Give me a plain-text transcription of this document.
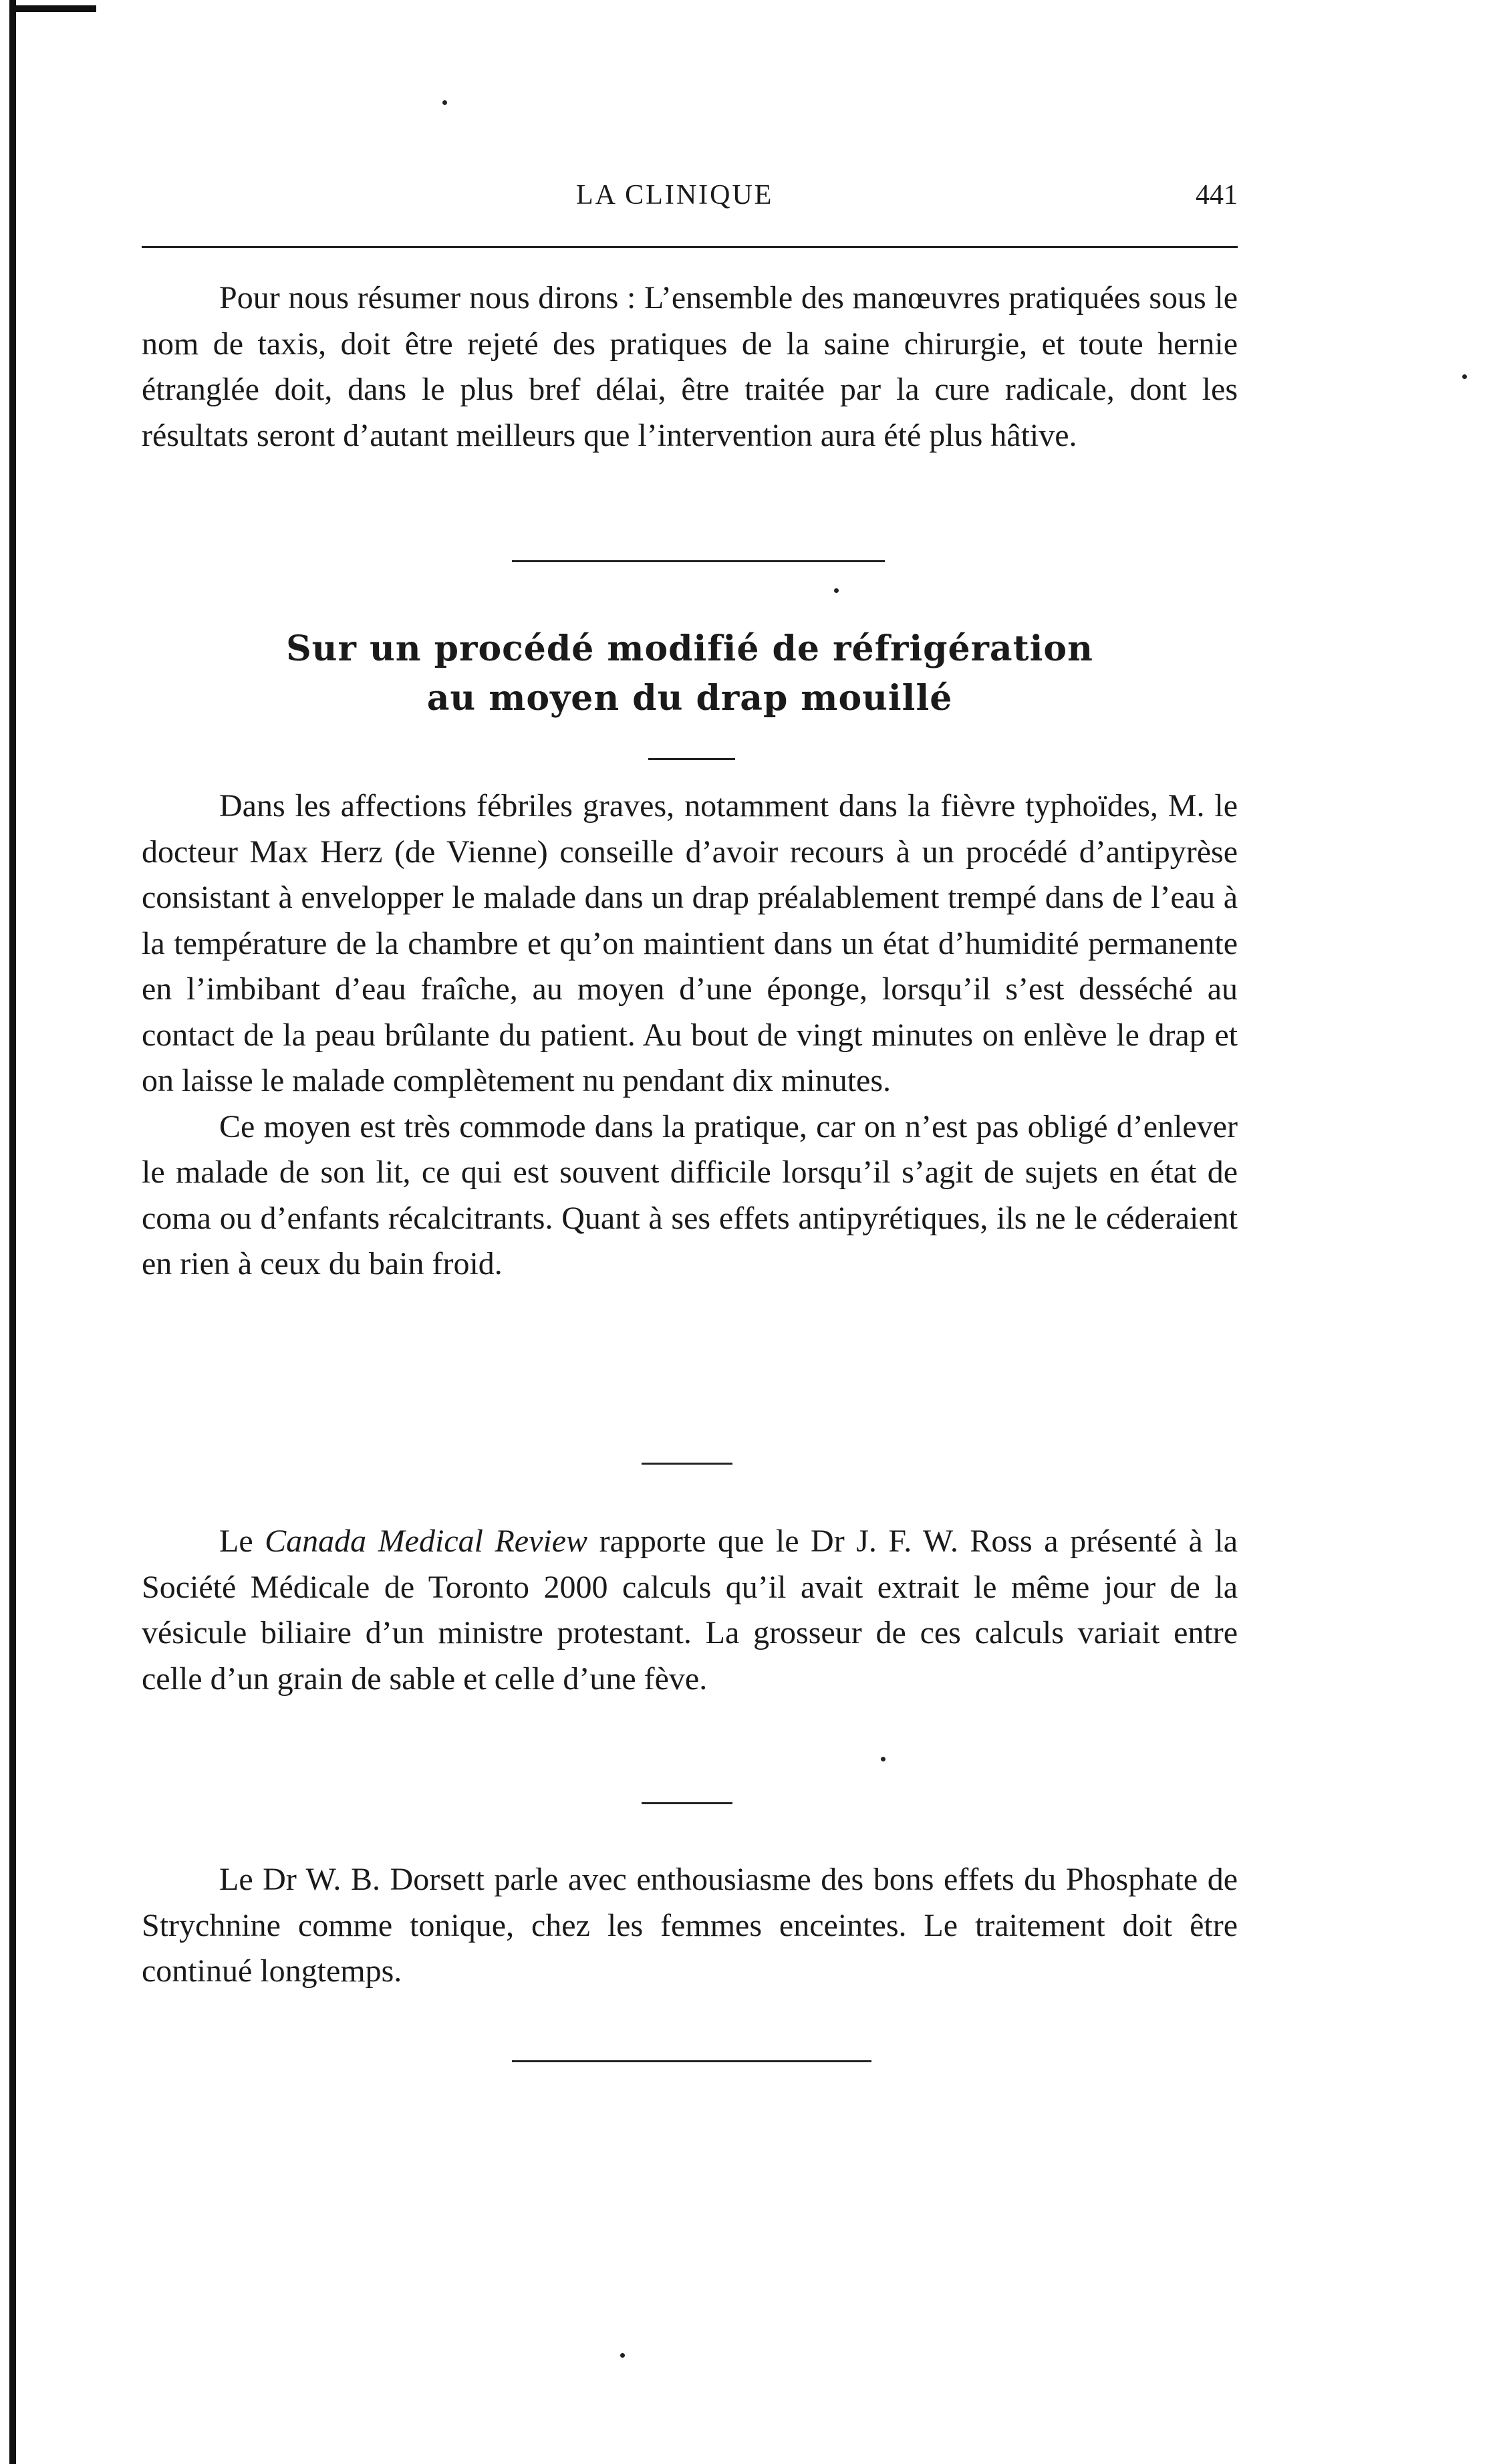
LA CLINIQUE	441

Pour nous résumer nous dirons : L’ensemble des manœuvres pratiquées sous le nom de taxis, doit être rejeté des pratiques de la saine chirurgie, et toute hernie étranglée doit, dans le plus bref délai, être traitée par la cure radicale, dont les résultats seront d’autant meilleurs que l’intervention aura été plus hâtive.

Sur un procédé modifié de réfrigération
au moyen du drap mouillé

Dans les affections fébriles graves, notamment dans la fièvre typhoïdes, M. le docteur Max Herz (de Vienne) conseille d’avoir recours à un procédé d’antipyrèse consistant à envelopper le malade dans un drap préalablement trempé dans de l’eau à la température de la chambre et qu’on maintient dans un état d’humidité permanente en l’imbibant d’eau fraîche, au moyen d’une éponge, lorsqu’il s’est desséché au contact de la peau brûlante du patient. Au bout de vingt minutes on enlève le drap et on laisse le malade complètement nu pendant dix minutes.

Ce moyen est très commode dans la pratique, car on n’est pas obligé d’enlever le malade de son lit, ce qui est souvent difficile lorsqu’il s’agit de sujets en état de coma ou d’enfants récalcitrants. Quant à ses effets antipyrétiques, ils ne le céderaient en rien à ceux du bain froid.

Le Canada Medical Review rapporte que le Dr J. F. W. Ross a présenté à la Société Médicale de Toronto 2000 calculs qu’il avait extrait le même jour de la vésicule biliaire d’un ministre protestant. La grosseur de ces calculs variait entre celle d’un grain de sable et celle d’une fève.

Le Dr W. B. Dorsett parle avec enthousiasme des bons effets du Phosphate de Strychnine comme tonique, chez les femmes enceintes. Le traitement doit être continué longtemps.
